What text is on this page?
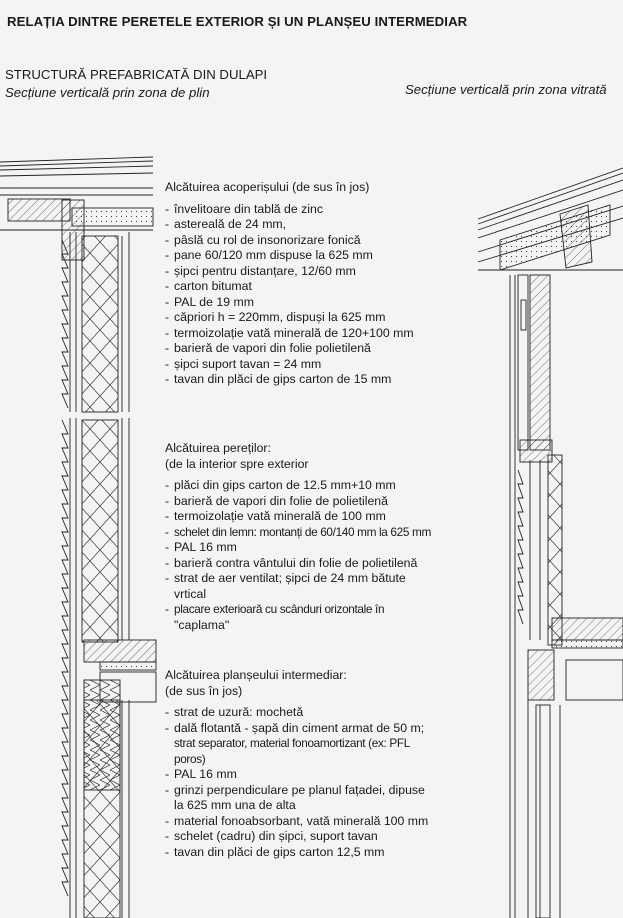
RELAȚIA DINTRE PERETELE EXTERIOR ȘI UN PLANȘEU INTERMEDIAR
STRUCTURĂ PREFABRICATĂ DIN DULAPI
Secțiune verticală prin zona de plin	Secțiune verticală prin zona vitrată
Alcătuirea acoperișului (de sus în jos)
- învelitoare din tablă de zinc
- astereală de 24 mm,
- pâslă cu rol de insonorizare fonică
- pane 60/120 mm dispuse la 625 mm
- șipci pentru distanțare, 12/60 mm
- carton bitumat
- PAL de 19 mm
- căpriori h = 220mm, dispuși la 625 mm
- termoizolație vată minerală de 120+100 mm
- barieră de vapori din folie polietilenă
- șipci suport tavan = 24 mm
- tavan din plăci de gips carton de 15 mm
Alcătuirea pereților:
(de la interior spre exterior
- plăci din gips carton de 12.5 mm+10 mm
- barieră de vapori din folie de polietilenă
- termoizolație vată minerală de 100 mm
- schelet din lemn: montanți de 60/140 mm la 625 mm
- PAL 16 mm
- barieră contra vântului din folie de polietilenă
- strat de aer ventilat; șipci de 24 mm bătute
vrtical
- placare exterioară cu scânduri orizontale în
"caplama"
Alcătuirea planșeului intermediar:
(de sus în jos)
- strat de uzură: mochetă
- dală flotantă - șapă din ciment armat de 50 m;
strat separator, material fonoamortizant (ex: PFL
poros)
- PAL 16 mm
- grinzi perpendiculare pe planul fațadei, dipuse
la 625 mm una de alta
- material fonoabsorbant, vată minerală 100 mm
- schelet (cadru) din șipci, suport tavan
- tavan din plăci de gips carton 12,5 mm
